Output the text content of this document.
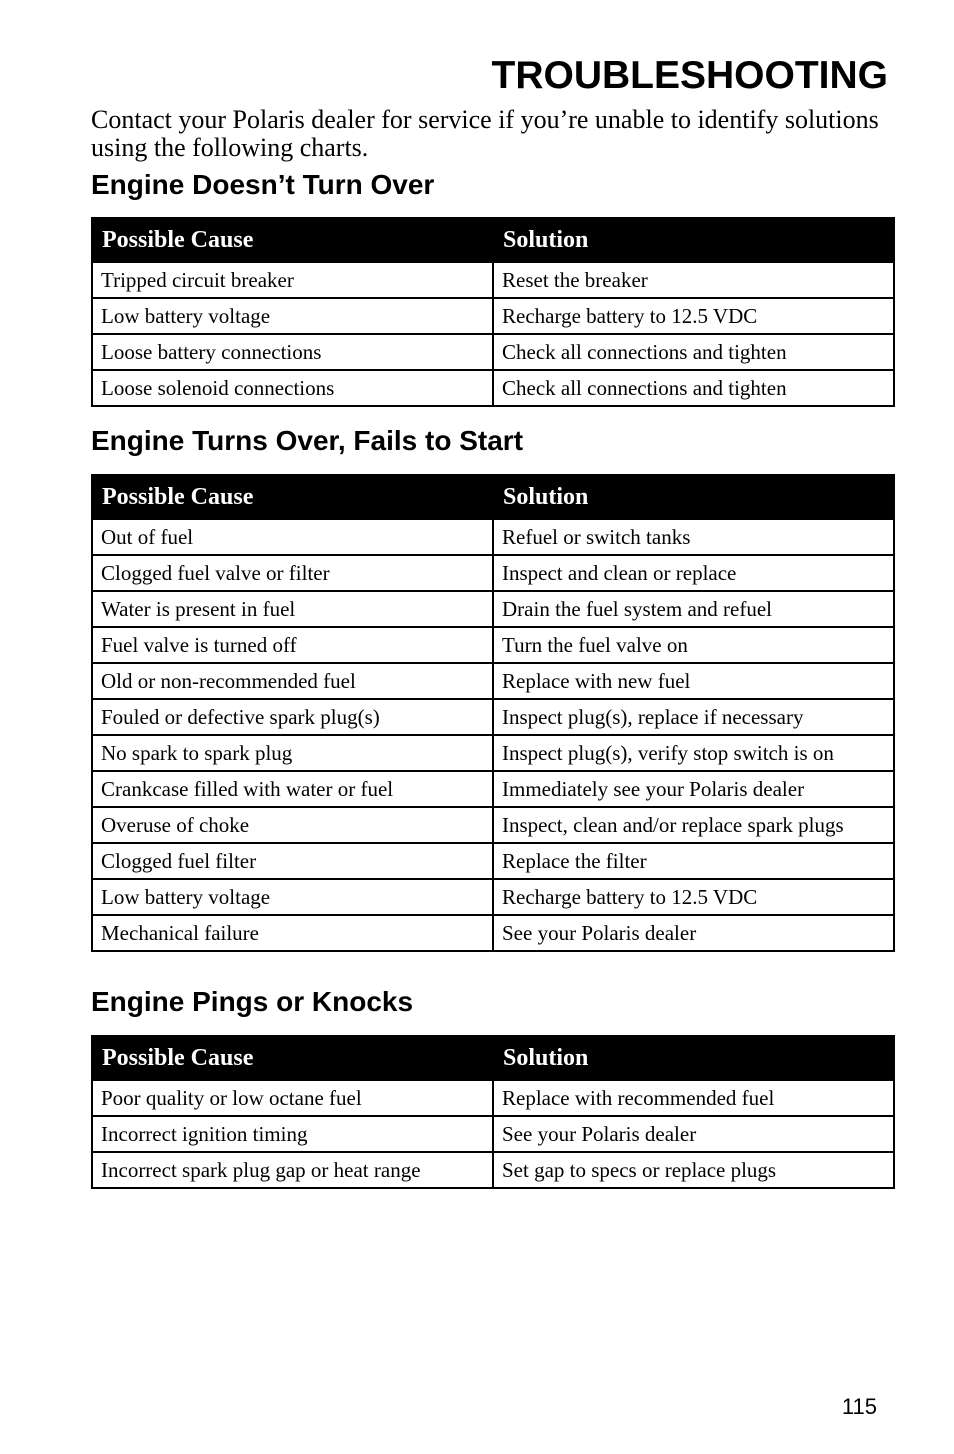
TROUBLESHOOTING

Contact your Polaris dealer for service if you’re unable to identify solutions using the following charts.

Engine Doesn’t Turn Over
Possible Cause	Solution
Tripped circuit breaker	Reset the breaker
Low battery voltage	Recharge battery to 12.5 VDC
Loose battery connections	Check all connections and tighten
Loose solenoid connections	Check all connections and tighten
Engine Turns Over, Fails to Start
Possible Cause	Solution
Out of fuel	Refuel or switch tanks
Clogged fuel valve or filter	Inspect and clean or replace
Water is present in fuel	Drain the fuel system and refuel
Fuel valve is turned off	Turn the fuel valve on
Old or non-recommended fuel	Replace with new fuel
Fouled or defective spark plug(s)	Inspect plug(s), replace if necessary
No spark to spark plug	Inspect plug(s), verify stop switch is on
Crankcase filled with water or fuel	Immediately see your Polaris dealer
Overuse of choke	Inspect, clean and/or replace spark plugs
Clogged fuel filter	Replace the filter
Low battery voltage	Recharge battery to 12.5 VDC
Mechanical failure	See your Polaris dealer
Engine Pings or Knocks
Possible Cause	Solution
Poor quality or low octane fuel	Replace with recommended fuel
Incorrect ignition timing	See your Polaris dealer
Incorrect spark plug gap or heat range	Set gap to specs or replace plugs

115
